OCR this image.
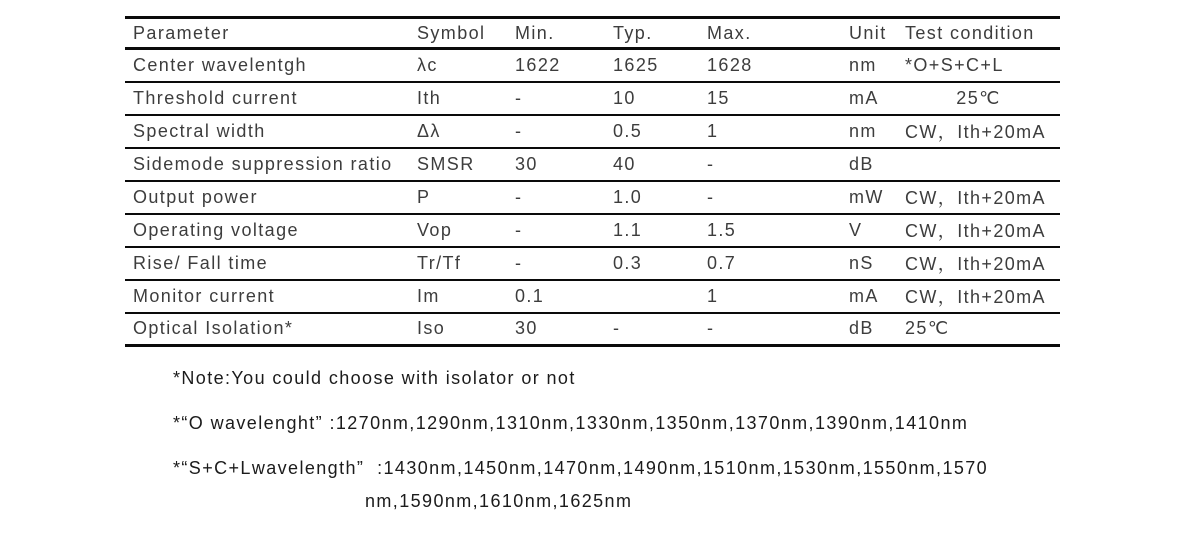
Parameter	Symbol	Min.	Typ.	Max.	Unit	Test condition
Center wavelentgh	λc	1622	1625	1628	nm	*O+S+C+L
Threshold current	Ith	-	10	15	mA	25℃
Spectral width	Δλ	-	0.5	1	nm	CW，Ith+20mA
Sidemode suppression ratio	SMSR	30	40	-	dB	
Output power	P	-	1.0	-	mW	CW，Ith+20mA
Operating voltage	Vop	-	1.1	1.5	V	CW，Ith+20mA
Rise/ Fall time	Tr/Tf	-	0.3	0.7	nS	CW，Ith+20mA
Monitor current	Im	0.1		1	mA	CW，Ith+20mA
Optical Isolation*	Iso	30	-	-	dB	25℃

*Note:You could choose with isolator or not

*“O wavelenght” :1270nm,1290nm,1310nm,1330nm,1350nm,1370nm,1390nm,1410nm

*“S+C+Lwavelength”  :1430nm,1450nm,1470nm,1490nm,1510nm,1530nm,1550nm,1570

nm,1590nm,1610nm,1625nm
